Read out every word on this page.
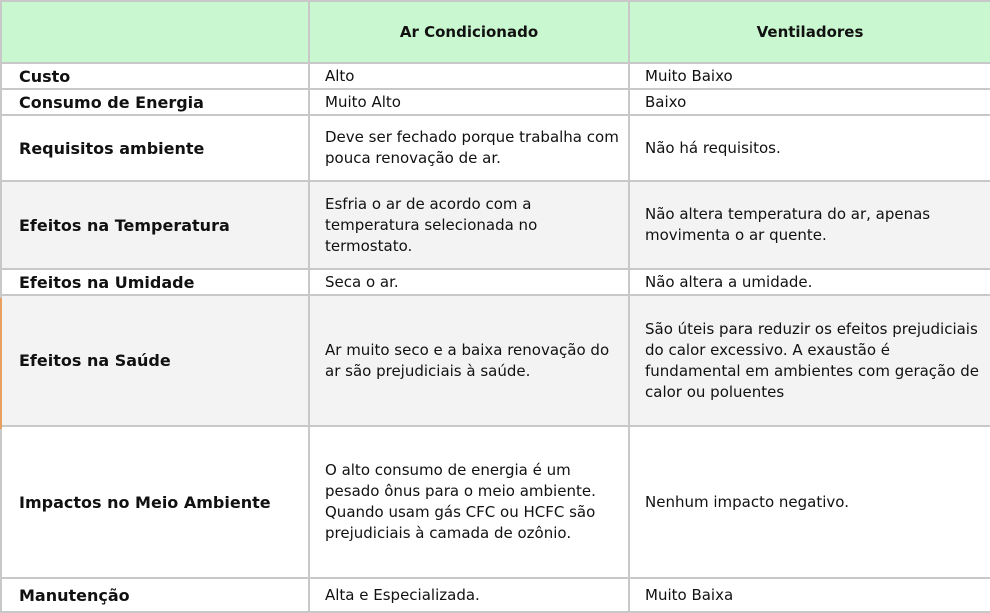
	Ar Condicionado	Ventiladores
Custo	Alto	Muito Baixo

Consumo de Energia	Muito Alto	Baixo

Requisitos ambiente	Deve ser fechado porque trabalha com pouca renovação de ar.	Não há requisitos.

Efeitos na Temperatura	Esfria o ar de acordo com a temperatura selecionada no termostato.	Não altera temperatura do ar, apenas movimenta o ar quente.

Efeitos na Umidade	Seca o ar.	Não altera a umidade.

Efeitos na Saúde	Ar muito seco e a baixa renovação do ar são prejudiciais à saúde.	São úteis para reduzir os efeitos prejudiciais do calor excessivo. A exaustão é fundamental em ambientes com geração de calor ou poluentes

Impactos no Meio Ambiente	O alto consumo de energia é um pesado ônus para o meio ambiente. Quando usam gás CFC ou HCFC são prejudiciais à camada de ozônio.	Nenhum impacto negativo.

Manutenção	Alta e Especializada.	Muito Baixa
